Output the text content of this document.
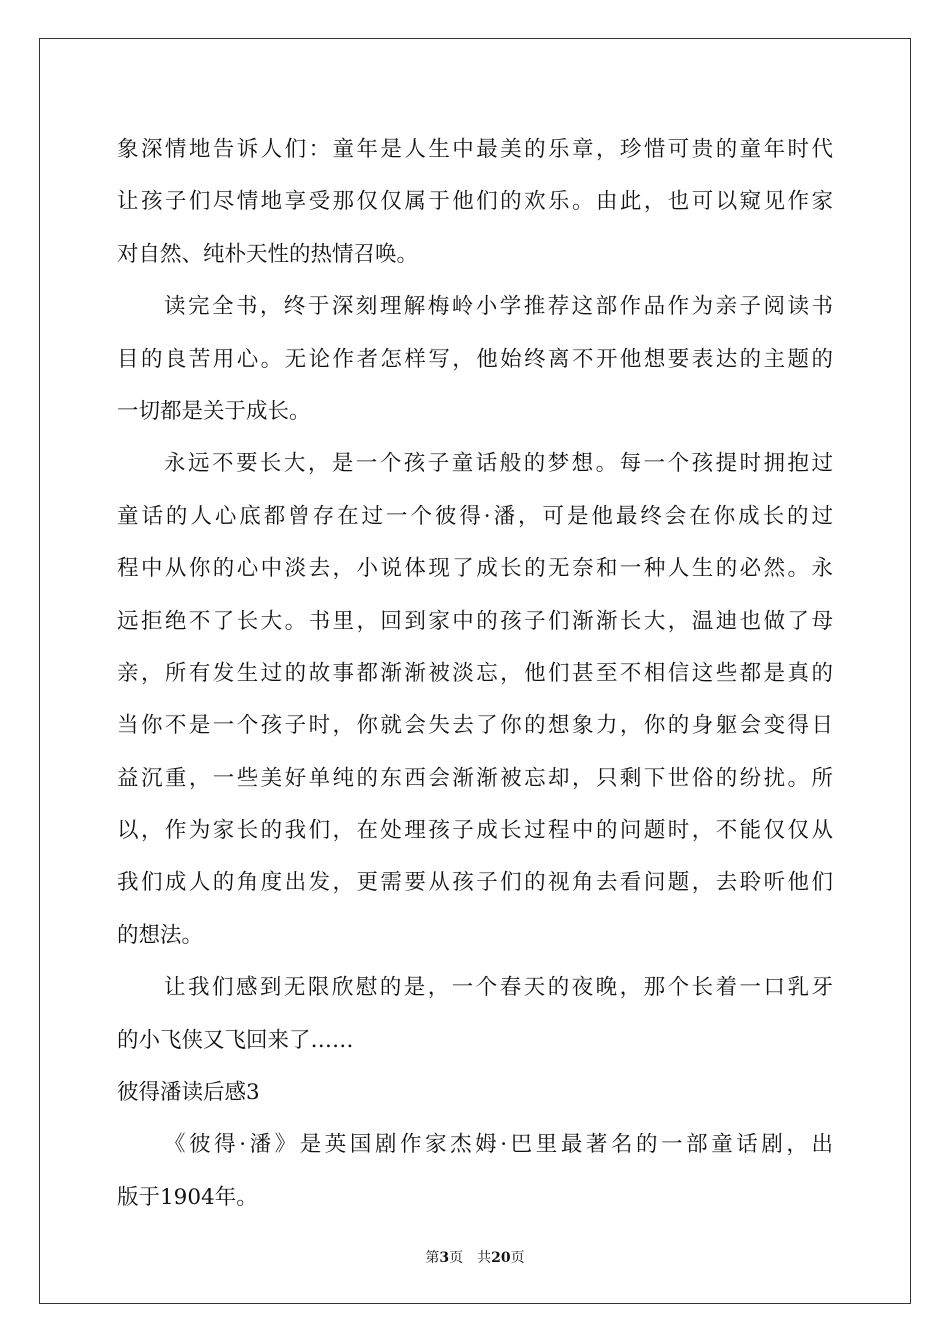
象深情地告诉人们：童年是人生中最美的乐章，珍惜可贵的童年时代
让孩子们尽情地享受那仅仅属于他们的欢乐。由此，也可以窥见作家
对自然、纯朴天性的热情召唤。
读完全书，终于深刻理解梅岭小学推荐这部作品作为亲子阅读书
目的良苦用心。无论作者怎样写，他始终离不开他想要表达的主题的
一切都是关于成长。
永远不要长大，是一个孩子童话般的梦想。每一个孩提时拥抱过
童话的人心底都曾存在过一个彼得·潘，可是他最终会在你成长的过
程中从你的心中淡去，小说体现了成长的无奈和一种人生的必然。永
远拒绝不了长大。书里，回到家中的孩子们渐渐长大，温迪也做了母
亲，所有发生过的故事都渐渐被淡忘，他们甚至不相信这些都是真的
当你不是一个孩子时，你就会失去了你的想象力，你的身躯会变得日
益沉重，一些美好单纯的东西会渐渐被忘却，只剩下世俗的纷扰。所
以，作为家长的我们，在处理孩子成长过程中的问题时，不能仅仅从
我们成人的角度出发，更需要从孩子们的视角去看问题，去聆听他们
的想法。
让我们感到无限欣慰的是，一个春天的夜晚，那个长着一口乳牙
的小飞侠又飞回来了……
彼得潘读后感3
《彼得·潘》是英国剧作家杰姆·巴里最著名的一部童话剧，出
版于1904年。
第3页 共20页
